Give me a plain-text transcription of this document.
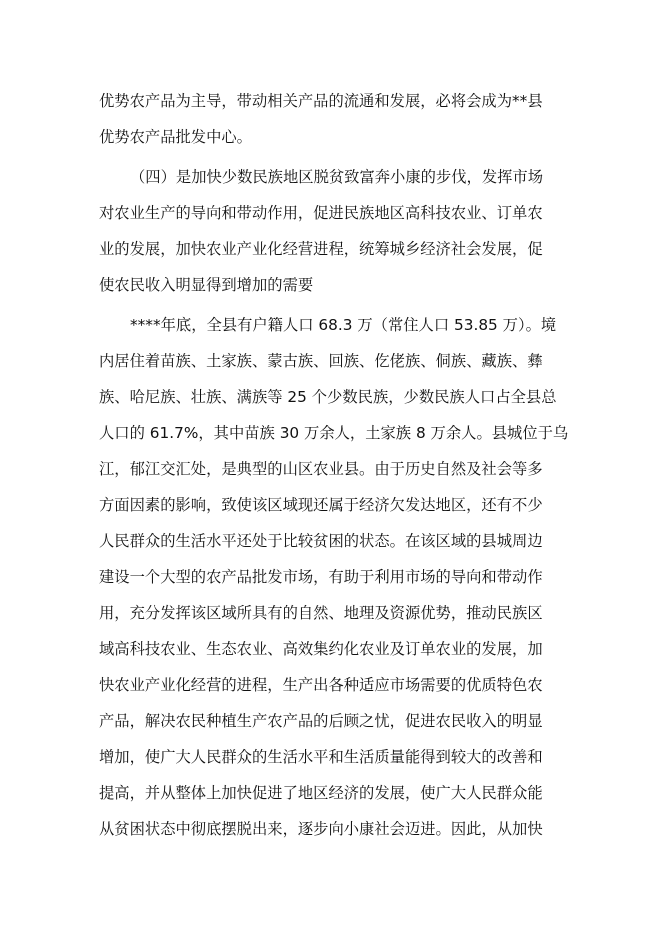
优势农产品为主导，带动相关产品的流通和发展，必将会成为**县
优势农产品批发中心。
（四）是加快少数民族地区脱贫致富奔小康的步伐，发挥市场
对农业生产的导向和带动作用，促进民族地区高科技农业、订单农
业的发展，加快农业产业化经营进程，统筹城乡经济社会发展，促
使农民收入明显得到增加的需要
****年底，全县有户籍人口 68.3 万（常住人口 53.85 万）。境
内居住着苗族、土家族、蒙古族、回族、仡佬族、侗族、藏族、彝
族、哈尼族、壮族、满族等 25 个少数民族，少数民族人口占全县总
人口的 61.7%，其中苗族 30 万余人，土家族 8 万余人。县城位于乌
江，郁江交汇处，是典型的山区农业县。由于历史自然及社会等多
方面因素的影响，致使该区域现还属于经济欠发达地区，还有不少
人民群众的生活水平还处于比较贫困的状态。在该区域的县城周边
建设一个大型的农产品批发市场，有助于利用市场的导向和带动作
用，充分发挥该区域所具有的自然、地理及资源优势，推动民族区
域高科技农业、生态农业、高效集约化农业及订单农业的发展，加
快农业产业化经营的进程，生产出各种适应市场需要的优质特色农
产品，解决农民种植生产农产品的后顾之忧，促进农民收入的明显
增加，使广大人民群众的生活水平和生活质量能得到较大的改善和
提高，并从整体上加快促进了地区经济的发展，使广大人民群众能
从贫困状态中彻底摆脱出来，逐步向小康社会迈进。因此，从加快
